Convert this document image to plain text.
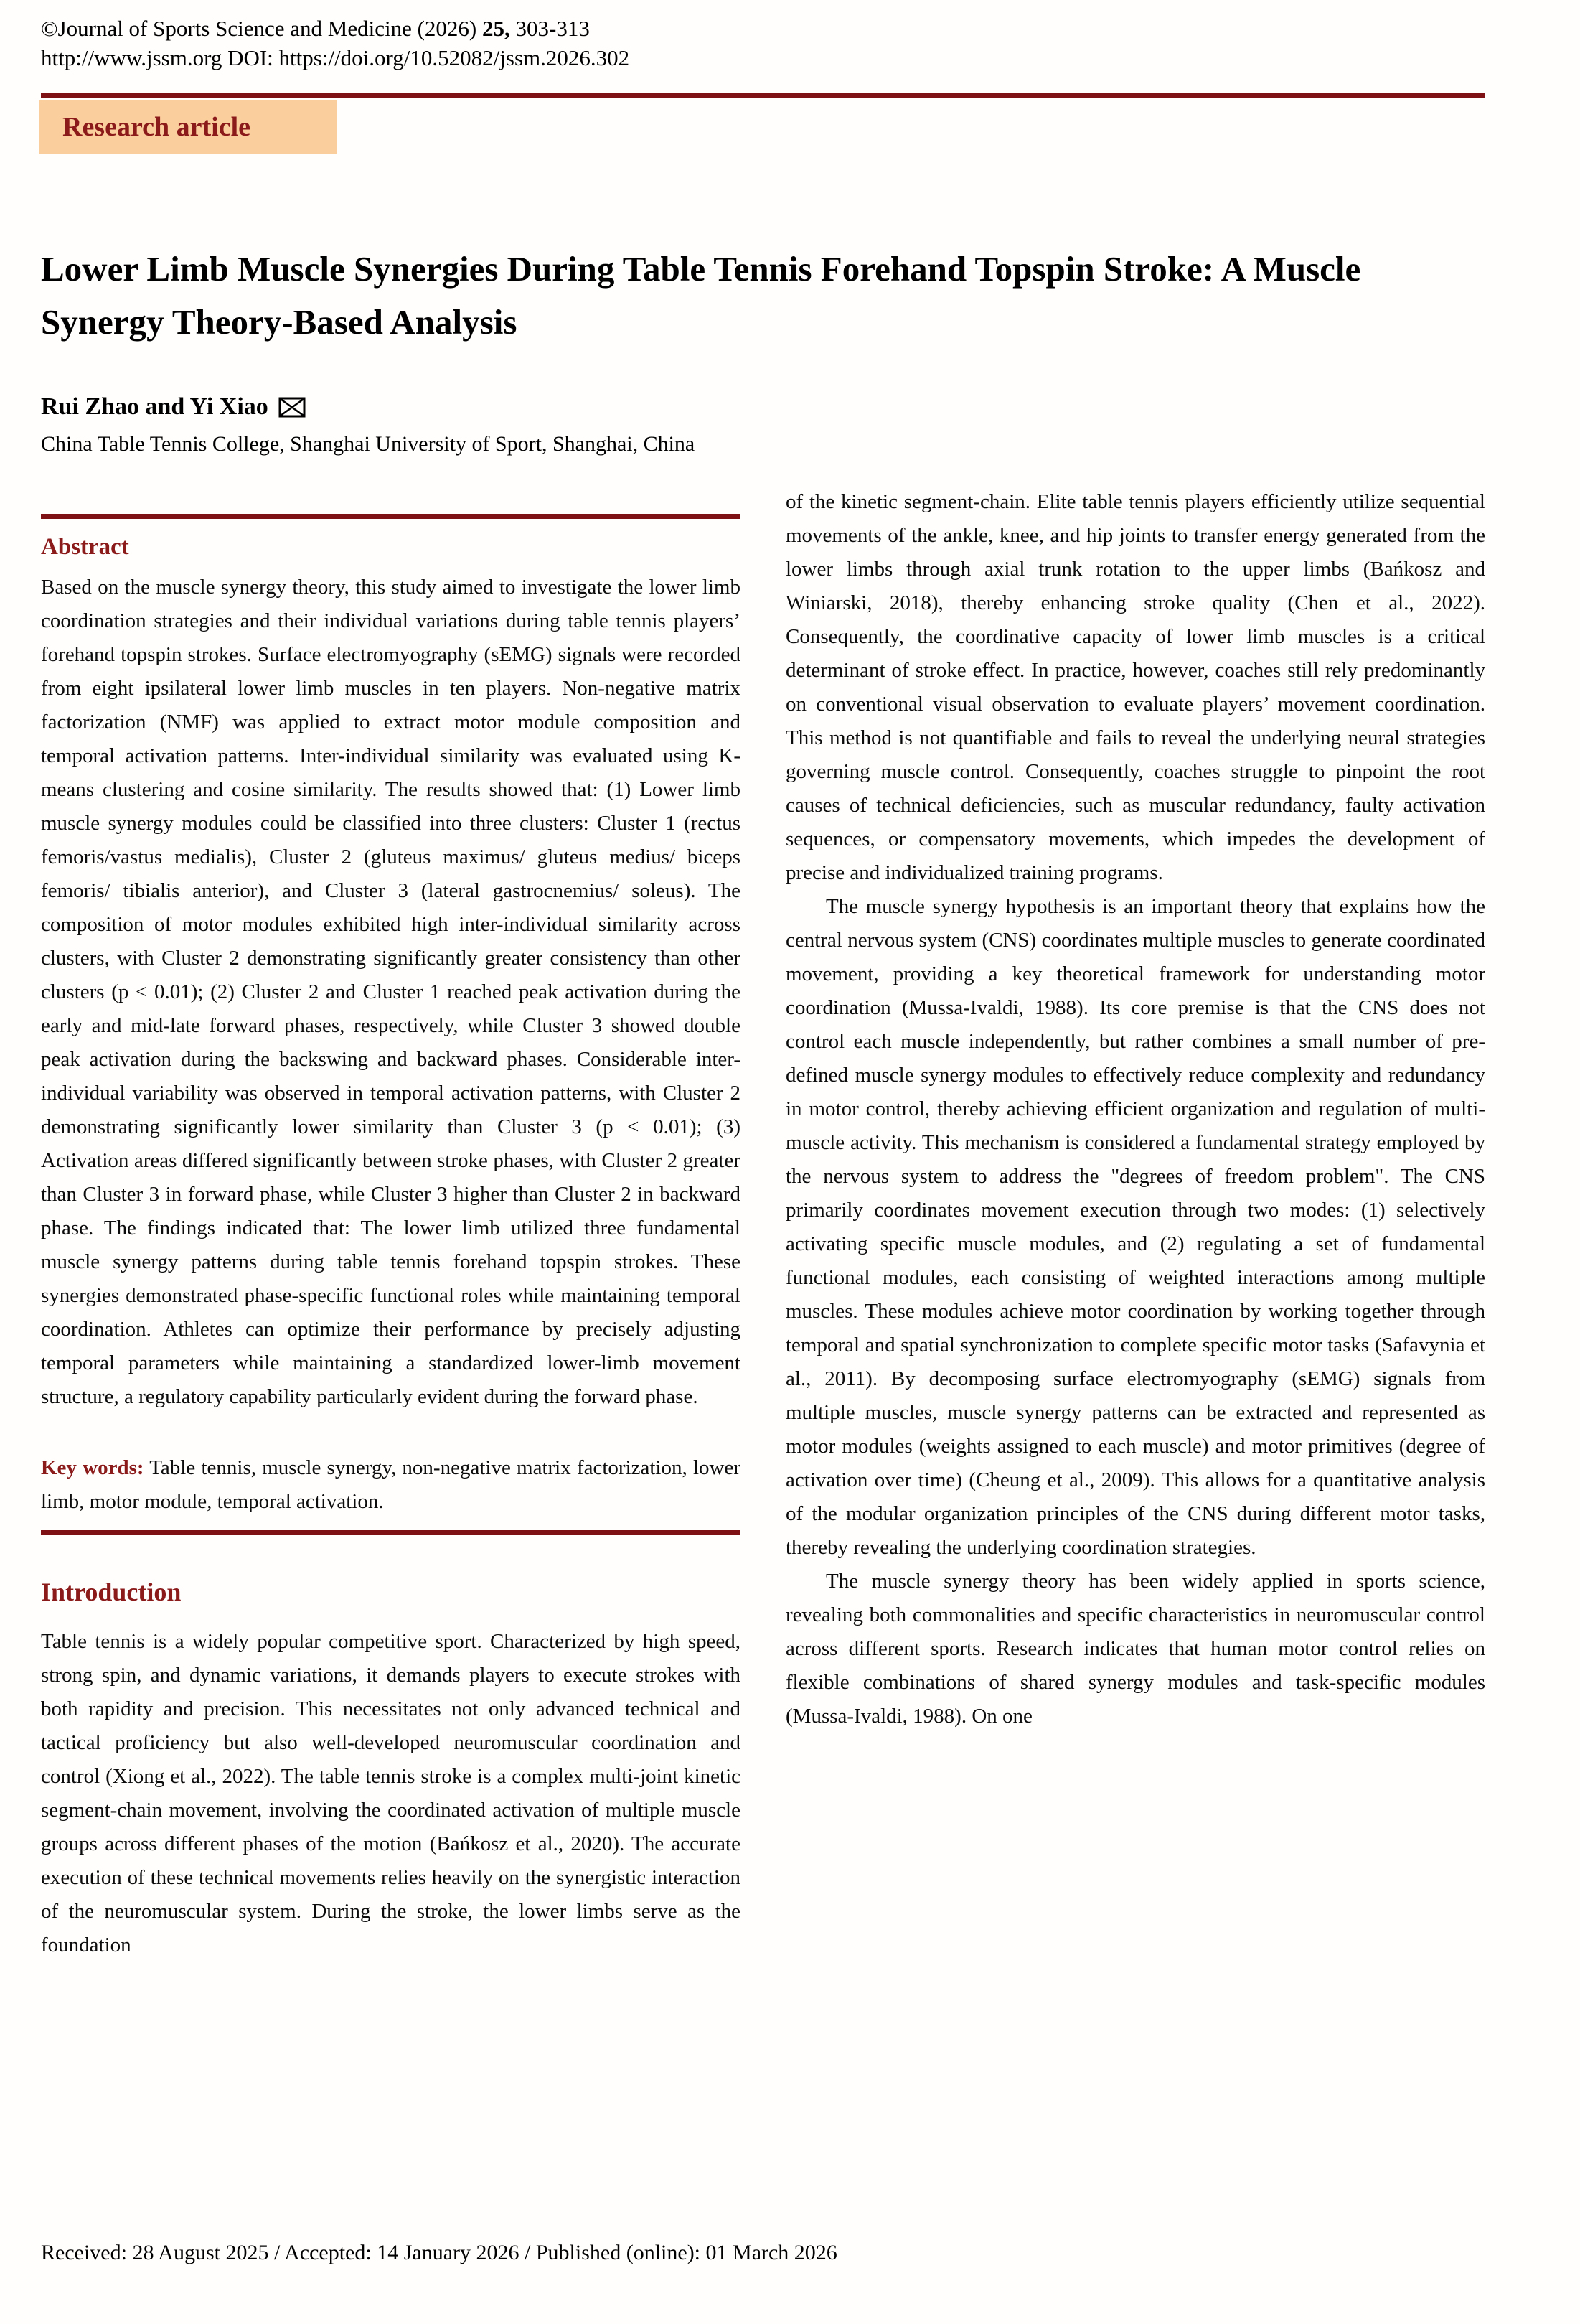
©Journal of Sports Science and Medicine (2026) 25, 303-313
http://www.jssm.org DOI: https://doi.org/10.52082/jssm.2026.302
Research article
Lower Limb Muscle Synergies During Table Tennis Forehand Topspin Stroke: A Muscle Synergy Theory-Based Analysis
Rui Zhao and Yi Xiao
China Table Tennis College, Shanghai University of Sport, Shanghai, China
Abstract

Based on the muscle synergy theory, this study aimed to investigate the lower limb coordination strategies and their individual variations during table tennis players’ forehand topspin strokes. Surface electromyography (sEMG) signals were recorded from eight ipsilateral lower limb muscles in ten players. Non-negative matrix factorization (NMF) was applied to extract motor module composition and temporal activation patterns. Inter-individual similarity was evaluated using K-means clustering and cosine similarity. The results showed that: (1) Lower limb muscle synergy modules could be classified into three clusters: Cluster 1 (rectus femoris/vastus medialis), Cluster 2 (gluteus maximus/ gluteus medius/ biceps femoris/ tibialis anterior), and Cluster 3 (lateral gastrocnemius/ soleus). The composition of motor modules exhibited high inter-individual similarity across clusters, with Cluster 2 demonstrating significantly greater consistency than other clusters (p < 0.01); (2) Cluster 2 and Cluster 1 reached peak activation during the early and mid-late forward phases, respectively, while Cluster 3 showed double peak activation during the backswing and backward phases. Considerable inter-individual variability was observed in temporal activation patterns, with Cluster 2 demonstrating significantly lower similarity than Cluster 3 (p < 0.01); (3) Activation areas differed significantly between stroke phases, with Cluster 2 greater than Cluster 3 in forward phase, while Cluster 3 higher than Cluster 2 in backward phase. The findings indicated that: The lower limb utilized three fundamental muscle synergy patterns during table tennis forehand topspin strokes. These synergies demonstrated phase-specific functional roles while maintaining temporal coordination. Athletes can optimize their performance by precisely adjusting temporal parameters while maintaining a standardized lower-limb movement structure, a regulatory capability particularly evident during the forward phase.

Key words: Table tennis, muscle synergy, non-negative matrix factorization, lower limb, motor module, temporal activation.

Introduction

Table tennis is a widely popular competitive sport. Characterized by high speed, strong spin, and dynamic variations, it demands players to execute strokes with both rapidity and precision. This necessitates not only advanced technical and tactical proficiency but also well-developed neuromuscular coordination and control (Xiong et al., 2022). The table tennis stroke is a complex multi-joint kinetic segment-chain movement, involving the coordinated activation of multiple muscle groups across different phases of the motion (Bańkosz et al., 2020). The accurate execution of these technical movements relies heavily on the synergistic interaction of the neuromuscular system. During the stroke, the lower limbs serve as the foundation

of the kinetic segment-chain. Elite table tennis players efficiently utilize sequential movements of the ankle, knee, and hip joints to transfer energy generated from the lower limbs through axial trunk rotation to the upper limbs (Bańkosz and Winiarski, 2018), thereby enhancing stroke quality (Chen et al., 2022). Consequently, the coordinative capacity of lower limb muscles is a critical determinant of stroke effect. In practice, however, coaches still rely predominantly on conventional visual observation to evaluate players’ movement coordination. This method is not quantifiable and fails to reveal the underlying neural strategies governing muscle control. Consequently, coaches struggle to pinpoint the root causes of technical deficiencies, such as muscular redundancy, faulty activation sequences, or compensatory movements, which impedes the development of precise and individualized training programs.

The muscle synergy hypothesis is an important theory that explains how the central nervous system (CNS) coordinates multiple muscles to generate coordinated movement, providing a key theoretical framework for understanding motor coordination (Mussa-Ivaldi, 1988). Its core premise is that the CNS does not control each muscle independently, but rather combines a small number of pre-defined muscle synergy modules to effectively reduce complexity and redundancy in motor control, thereby achieving efficient organization and regulation of multi-muscle activity. This mechanism is considered a fundamental strategy employed by the nervous system to address the "degrees of freedom problem". The CNS primarily coordinates movement execution through two modes: (1) selectively activating specific muscle modules, and (2) regulating a set of fundamental functional modules, each consisting of weighted interactions among multiple muscles. These modules achieve motor coordination by working together through temporal and spatial synchronization to complete specific motor tasks (Safavynia et al., 2011). By decomposing surface electromyography (sEMG) signals from multiple muscles, muscle synergy patterns can be extracted and represented as motor modules (weights assigned to each muscle) and motor primitives (degree of activation over time) (Cheung et al., 2009). This allows for a quantitative analysis of the modular organization principles of the CNS during different motor tasks, thereby revealing the underlying coordination strategies.

The muscle synergy theory has been widely applied in sports science, revealing both commonalities and specific characteristics in neuromuscular control across different sports. Research indicates that human motor control relies on flexible combinations of shared synergy modules and task-specific modules (Mussa-Ivaldi, 1988). On one

Received: 28 August 2025 / Accepted: 14 January 2026 / Published (online): 01 March 2026
